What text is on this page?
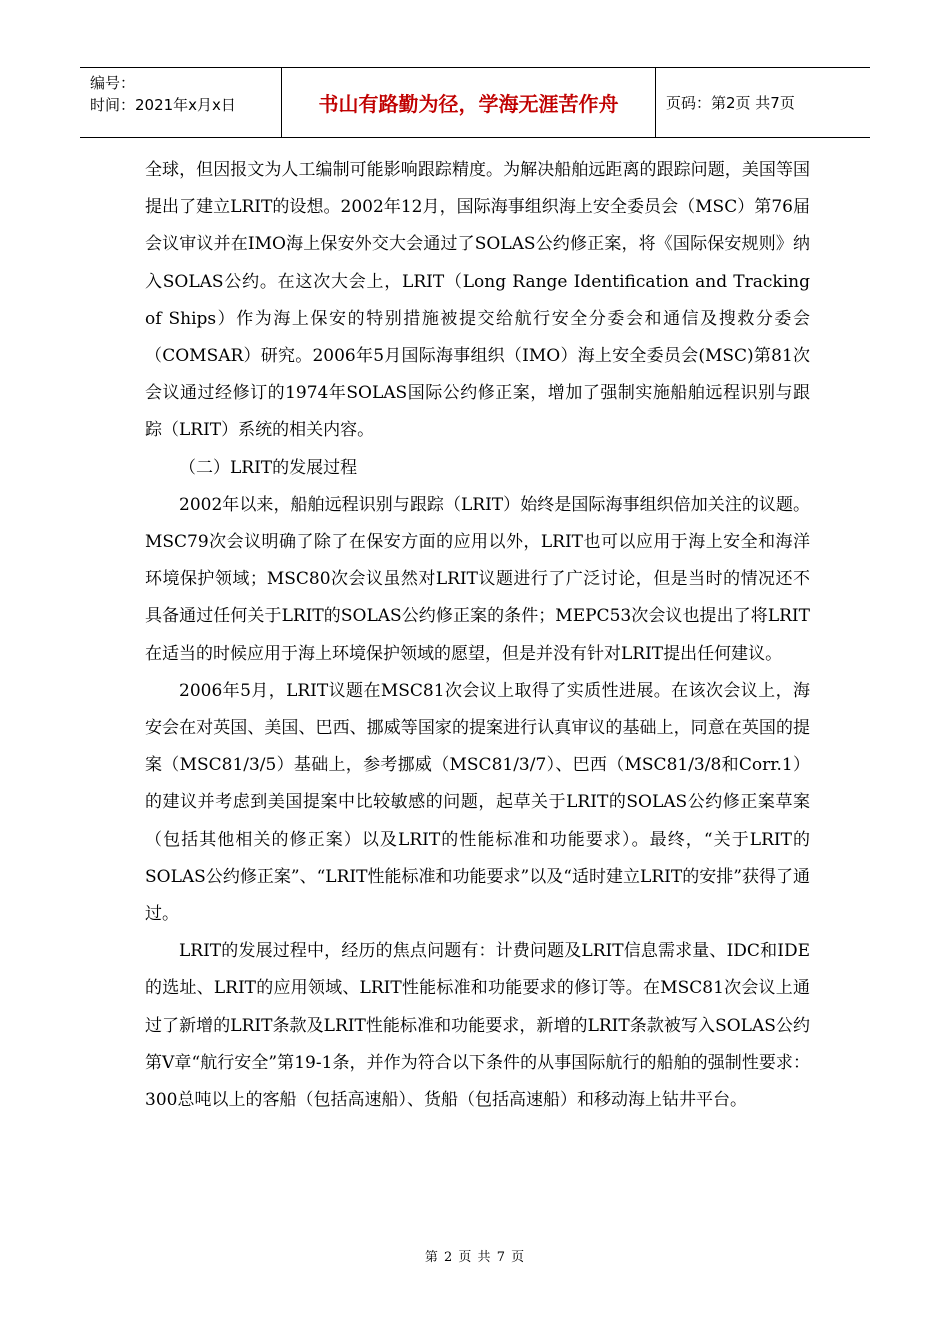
编号：
时间：2021年x月x日	书山有路勤为径，学海无涯苦作舟	页码：第2页 共7页

全球，但因报文为人工编制可能影响跟踪精度。为解决船舶远距离的跟踪问题，美国等国提出了建立LRIT的设想。2002年12月，国际海事组织海上安全委员会（MSC）第76届会议审议并在IMO海上保安外交大会通过了SOLAS公约修正案，将《国际保安规则》纳入SOLAS公约。在这次大会上，LRIT（Long Range Identification and Tracking of Ships）作为海上保安的特别措施被提交给航行安全分委会和通信及搜救分委会（COMSAR）研究。2006年5月国际海事组织（IMO）海上安全委员会(MSC)第81次会议通过经修订的1974年SOLAS国际公约修正案，增加了强制实施船舶远程识别与跟踪（LRIT）系统的相关内容。

（二）LRIT的发展过程

2002年以来，船舶远程识别与跟踪（LRIT）始终是国际海事组织倍加关注的议题。MSC79次会议明确了除了在保安方面的应用以外，LRIT也可以应用于海上安全和海洋环境保护领域；MSC80次会议虽然对LRIT议题进行了广泛讨论，但是当时的情况还不具备通过任何关于LRIT的SOLAS公约修正案的条件；MEPC53次会议也提出了将LRIT在适当的时候应用于海上环境保护领域的愿望，但是并没有针对LRIT提出任何建议。

2006年5月，LRIT议题在MSC81次会议上取得了实质性进展。在该次会议上，海安会在对英国、美国、巴西、挪威等国家的提案进行认真审议的基础上，同意在英国的提案（MSC81/3/5）基础上，参考挪威（MSC81/3/7）、巴西（MSC81/3/8和Corr.1）的建议并考虑到美国提案中比较敏感的问题，起草关于LRIT的SOLAS公约修正案草案（包括其他相关的修正案）以及LRIT的性能标准和功能要求）。最终，“关于LRIT的SOLAS公约修正案”、“LRIT性能标准和功能要求”以及“适时建立LRIT的安排”获得了通过。

LRIT的发展过程中，经历的焦点问题有：计费问题及LRIT信息需求量、IDC和IDE的选址、LRIT的应用领域、LRIT性能标准和功能要求的修订等。在MSC81次会议上通过了新增的LRIT条款及LRIT性能标准和功能要求，新增的LRIT条款被写入SOLAS公约第V章“航行安全”第19-1条，并作为符合以下条件的从事国际航行的船舶的强制性要求：300总吨以上的客船（包括高速船）、货船（包括高速船）和移动海上钻井平台。

第 2 页 共 7 页
